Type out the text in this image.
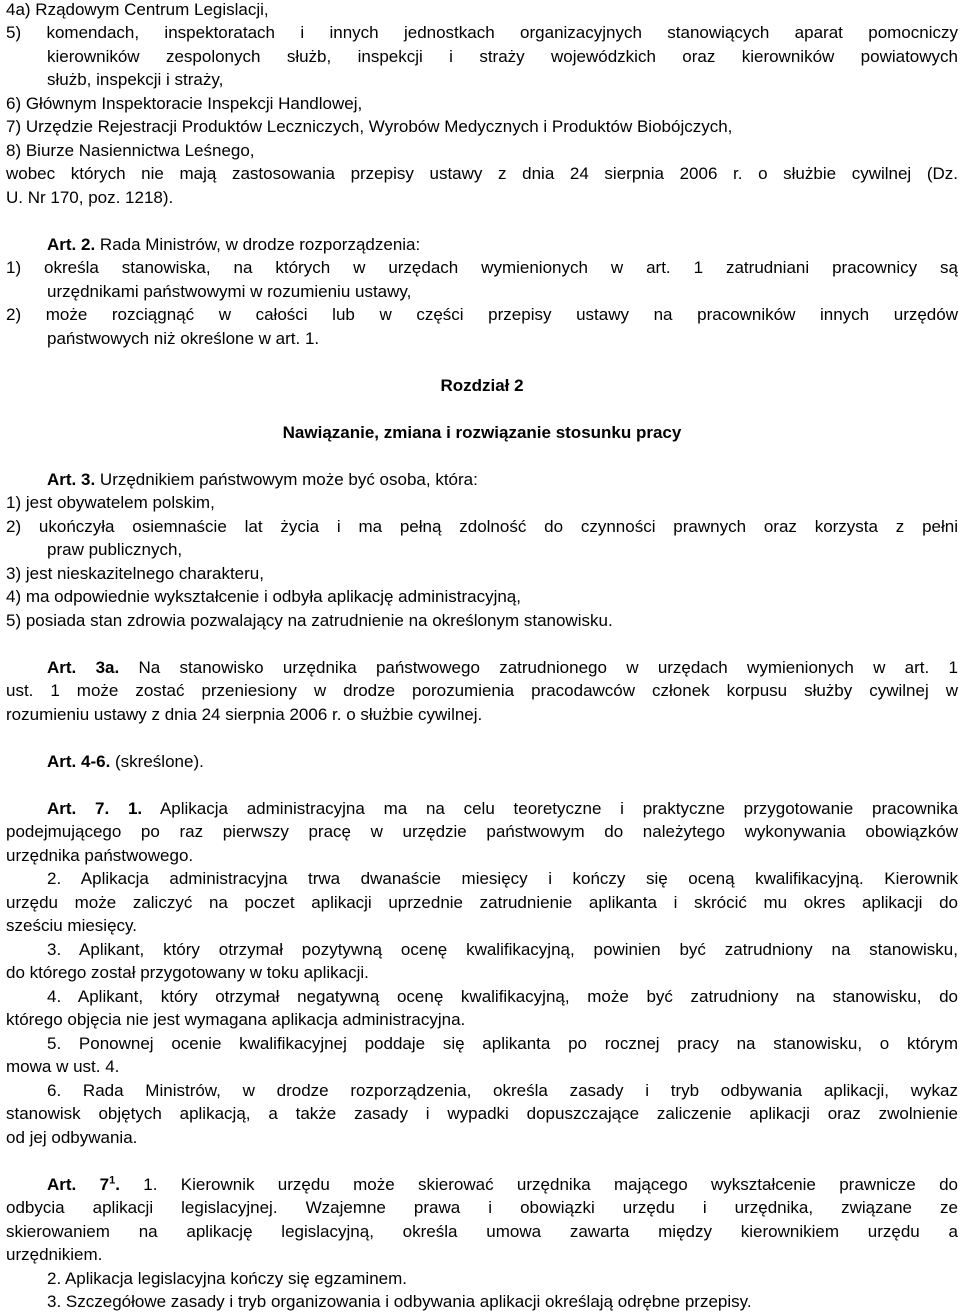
4a) Rządowym Centrum Legislacji,
5) komendach, inspektoratach i innych jednostkach organizacyjnych stanowiących aparat pomocniczy
kierowników zespolonych służb, inspekcji i straży wojewódzkich oraz kierowników powiatowych
służb, inspekcji i straży,
6) Głównym Inspektoracie Inspekcji Handlowej,
7) Urzędzie Rejestracji Produktów Leczniczych, Wyrobów Medycznych i Produktów Biobójczych,
8) Biurze Nasiennictwa Leśnego,
wobec których nie mają zastosowania przepisy ustawy z dnia 24 sierpnia 2006 r. o służbie cywilnej (Dz.
U. Nr 170, poz. 1218).
Art. 2. Rada Ministrów, w drodze rozporządzenia:
1) określa stanowiska, na których w urzędach wymienionych w art. 1 zatrudniani pracownicy są
urzędnikami państwowymi w rozumieniu ustawy,
2) może rozciągnąć w całości lub w części przepisy ustawy na pracowników innych urzędów
państwowych niż określone w art. 1.
Rozdział 2
Nawiązanie, zmiana i rozwiązanie stosunku pracy
Art. 3. Urzędnikiem państwowym może być osoba, która:
1) jest obywatelem polskim,
2) ukończyła osiemnaście lat życia i ma pełną zdolność do czynności prawnych oraz korzysta z pełni
praw publicznych,
3) jest nieskazitelnego charakteru,
4) ma odpowiednie wykształcenie i odbyła aplikację administracyjną,
5) posiada stan zdrowia pozwalający na zatrudnienie na określonym stanowisku.
Art. 3a. Na stanowisko urzędnika państwowego zatrudnionego w urzędach wymienionych w art. 1
ust. 1 może zostać przeniesiony w drodze porozumienia pracodawców członek korpusu służby cywilnej w
rozumieniu ustawy z dnia 24 sierpnia 2006 r. o służbie cywilnej.
Art. 4-6. (skreślone).
Art. 7. 1. Aplikacja administracyjna ma na celu teoretyczne i praktyczne przygotowanie pracownika
podejmującego po raz pierwszy pracę w urzędzie państwowym do należytego wykonywania obowiązków
urzędnika państwowego.
2. Aplikacja administracyjna trwa dwanaście miesięcy i kończy się oceną kwalifikacyjną. Kierownik
urzędu może zaliczyć na poczet aplikacji uprzednie zatrudnienie aplikanta i skrócić mu okres aplikacji do
sześciu miesięcy.
3. Aplikant, który otrzymał pozytywną ocenę kwalifikacyjną, powinien być zatrudniony na stanowisku,
do którego został przygotowany w toku aplikacji.
4. Aplikant, który otrzymał negatywną ocenę kwalifikacyjną, może być zatrudniony na stanowisku, do
którego objęcia nie jest wymagana aplikacja administracyjna.
5. Ponownej ocenie kwalifikacyjnej poddaje się aplikanta po rocznej pracy na stanowisku, o którym
mowa w ust. 4.
6. Rada Ministrów, w drodze rozporządzenia, określa zasady i tryb odbywania aplikacji, wykaz
stanowisk objętych aplikacją, a także zasady i wypadki dopuszczające zaliczenie aplikacji oraz zwolnienie
od jej odbywania.
Art. $7^1$. 1. Kierownik urzędu może skierować urzędnika mającego wykształcenie prawnicze do
odbycia aplikacji legislacyjnej. Wzajemne prawa i obowiązki urzędu i urzędnika, związane ze
skierowaniem na aplikację legislacyjną, określa umowa zawarta między kierownikiem urzędu a
urzędnikiem.
2. Aplikacja legislacyjna kończy się egzaminem.
3. Szczegółowe zasady i tryb organizowania i odbywania aplikacji określają odrębne przepisy.
